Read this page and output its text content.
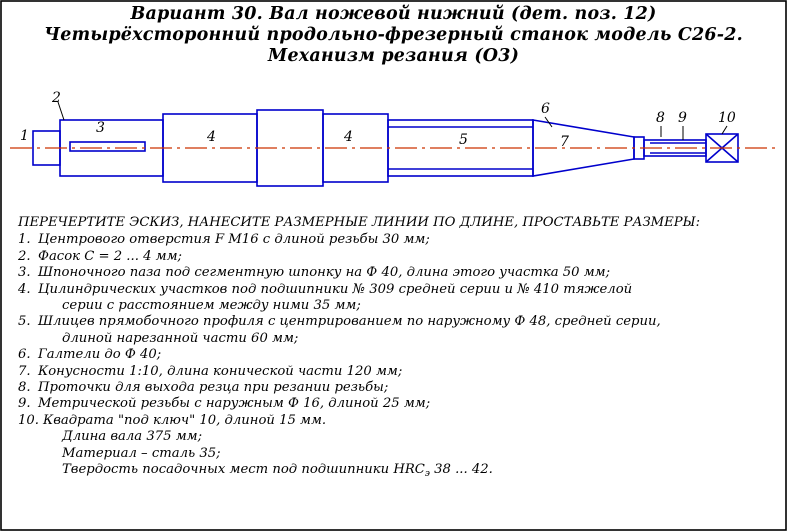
Вариант 30. Вал ножевой нижний (дет. поз. 12)
Четырёхсторонний продольно-фрезерный станок модель С26-2.
Механизм резания (О3)
1
2
3
4	4	5
6
7
8 9 10
ПЕРЕЧЕРТИТЕ ЭСКИЗ, НАНЕСИТЕ РАЗМЕРНЫЕ ЛИНИИ ПО ДЛИНЕ, ПРОСТАВЬТЕ РАЗМЕРЫ:
1. Центрового отверстия F М16 с длиной резьбы 30 мм;
2. Фасок С = 2 ... 4 мм;
3. Шпоночного паза под сегментную шпонку на Ф 40, длина этого участка 50 мм;
4. Цилиндрических участков под подшипники № 309 средней серии и № 410 тяжелой
серии с расстоянием между ними 35 мм;
5. Шлицев прямобочного профиля с центрированием по наружному Ф 48, средней серии,
длиной нарезанной части 60 мм;
6. Галтели до Ф 40;
7. Конусности 1:10, длина конической части 120 мм;
8. Проточки для выхода резца при резании резьбы;
9. Метрической резьбы с наружным Ф 16, длиной 25 мм;
10. Квадрата "под ключ" 10, длиной 15 мм.
Длина вала 375 мм;
Материал – сталь 35;
Твердость посадочных мест под подшипники $HRC_э$ 38 ... 42.
